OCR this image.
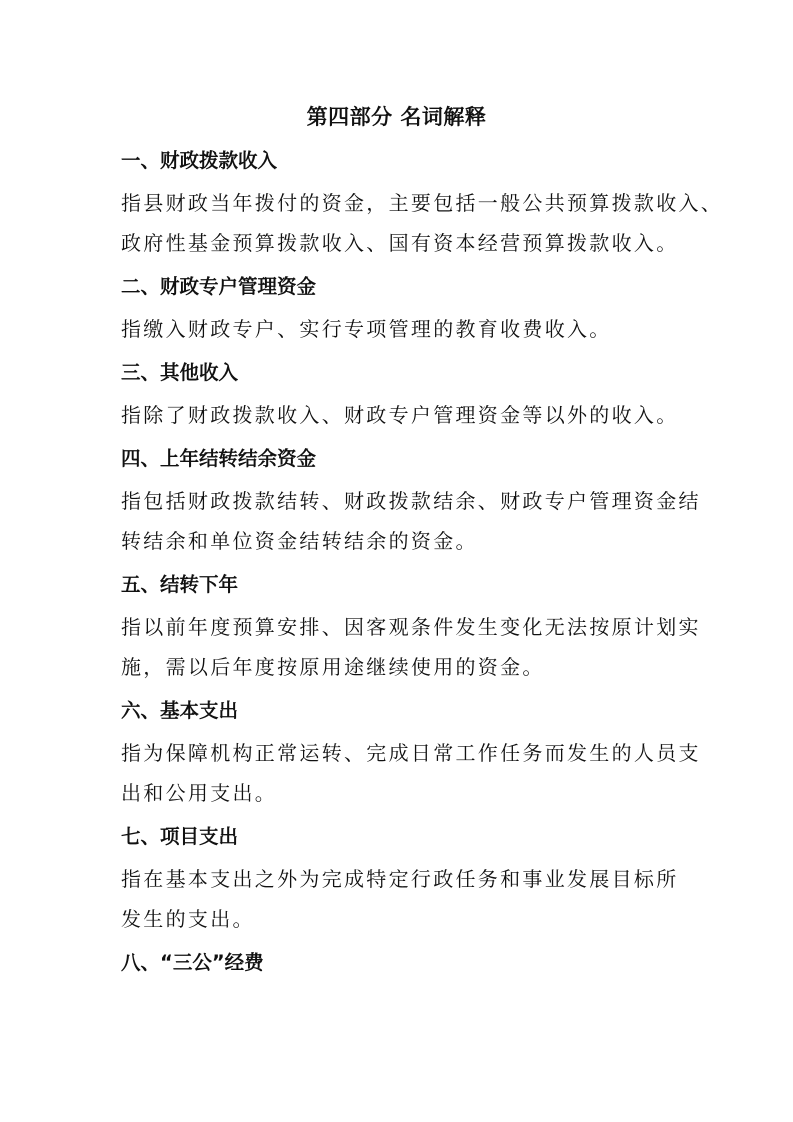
第四部分 名词解释
一、财政拨款收入
指县财政当年拨付的资金，主要包括一般公共预算拨款收入、
政府性基金预算拨款收入、国有资本经营预算拨款收入。
二、财政专户管理资金
指缴入财政专户、实行专项管理的教育收费收入。
三、其他收入
指除了财政拨款收入、财政专户管理资金等以外的收入。
四、上年结转结余资金
指包括财政拨款结转、财政拨款结余、财政专户管理资金结
转结余和单位资金结转结余的资金。
五、结转下年
指以前年度预算安排、因客观条件发生变化无法按原计划实
施，需以后年度按原用途继续使用的资金。
六、基本支出
指为保障机构正常运转、完成日常工作任务而发生的人员支
出和公用支出。
七、项目支出
指在基本支出之外为完成特定行政任务和事业发展目标所
发生的支出。
八、“三公”经费
